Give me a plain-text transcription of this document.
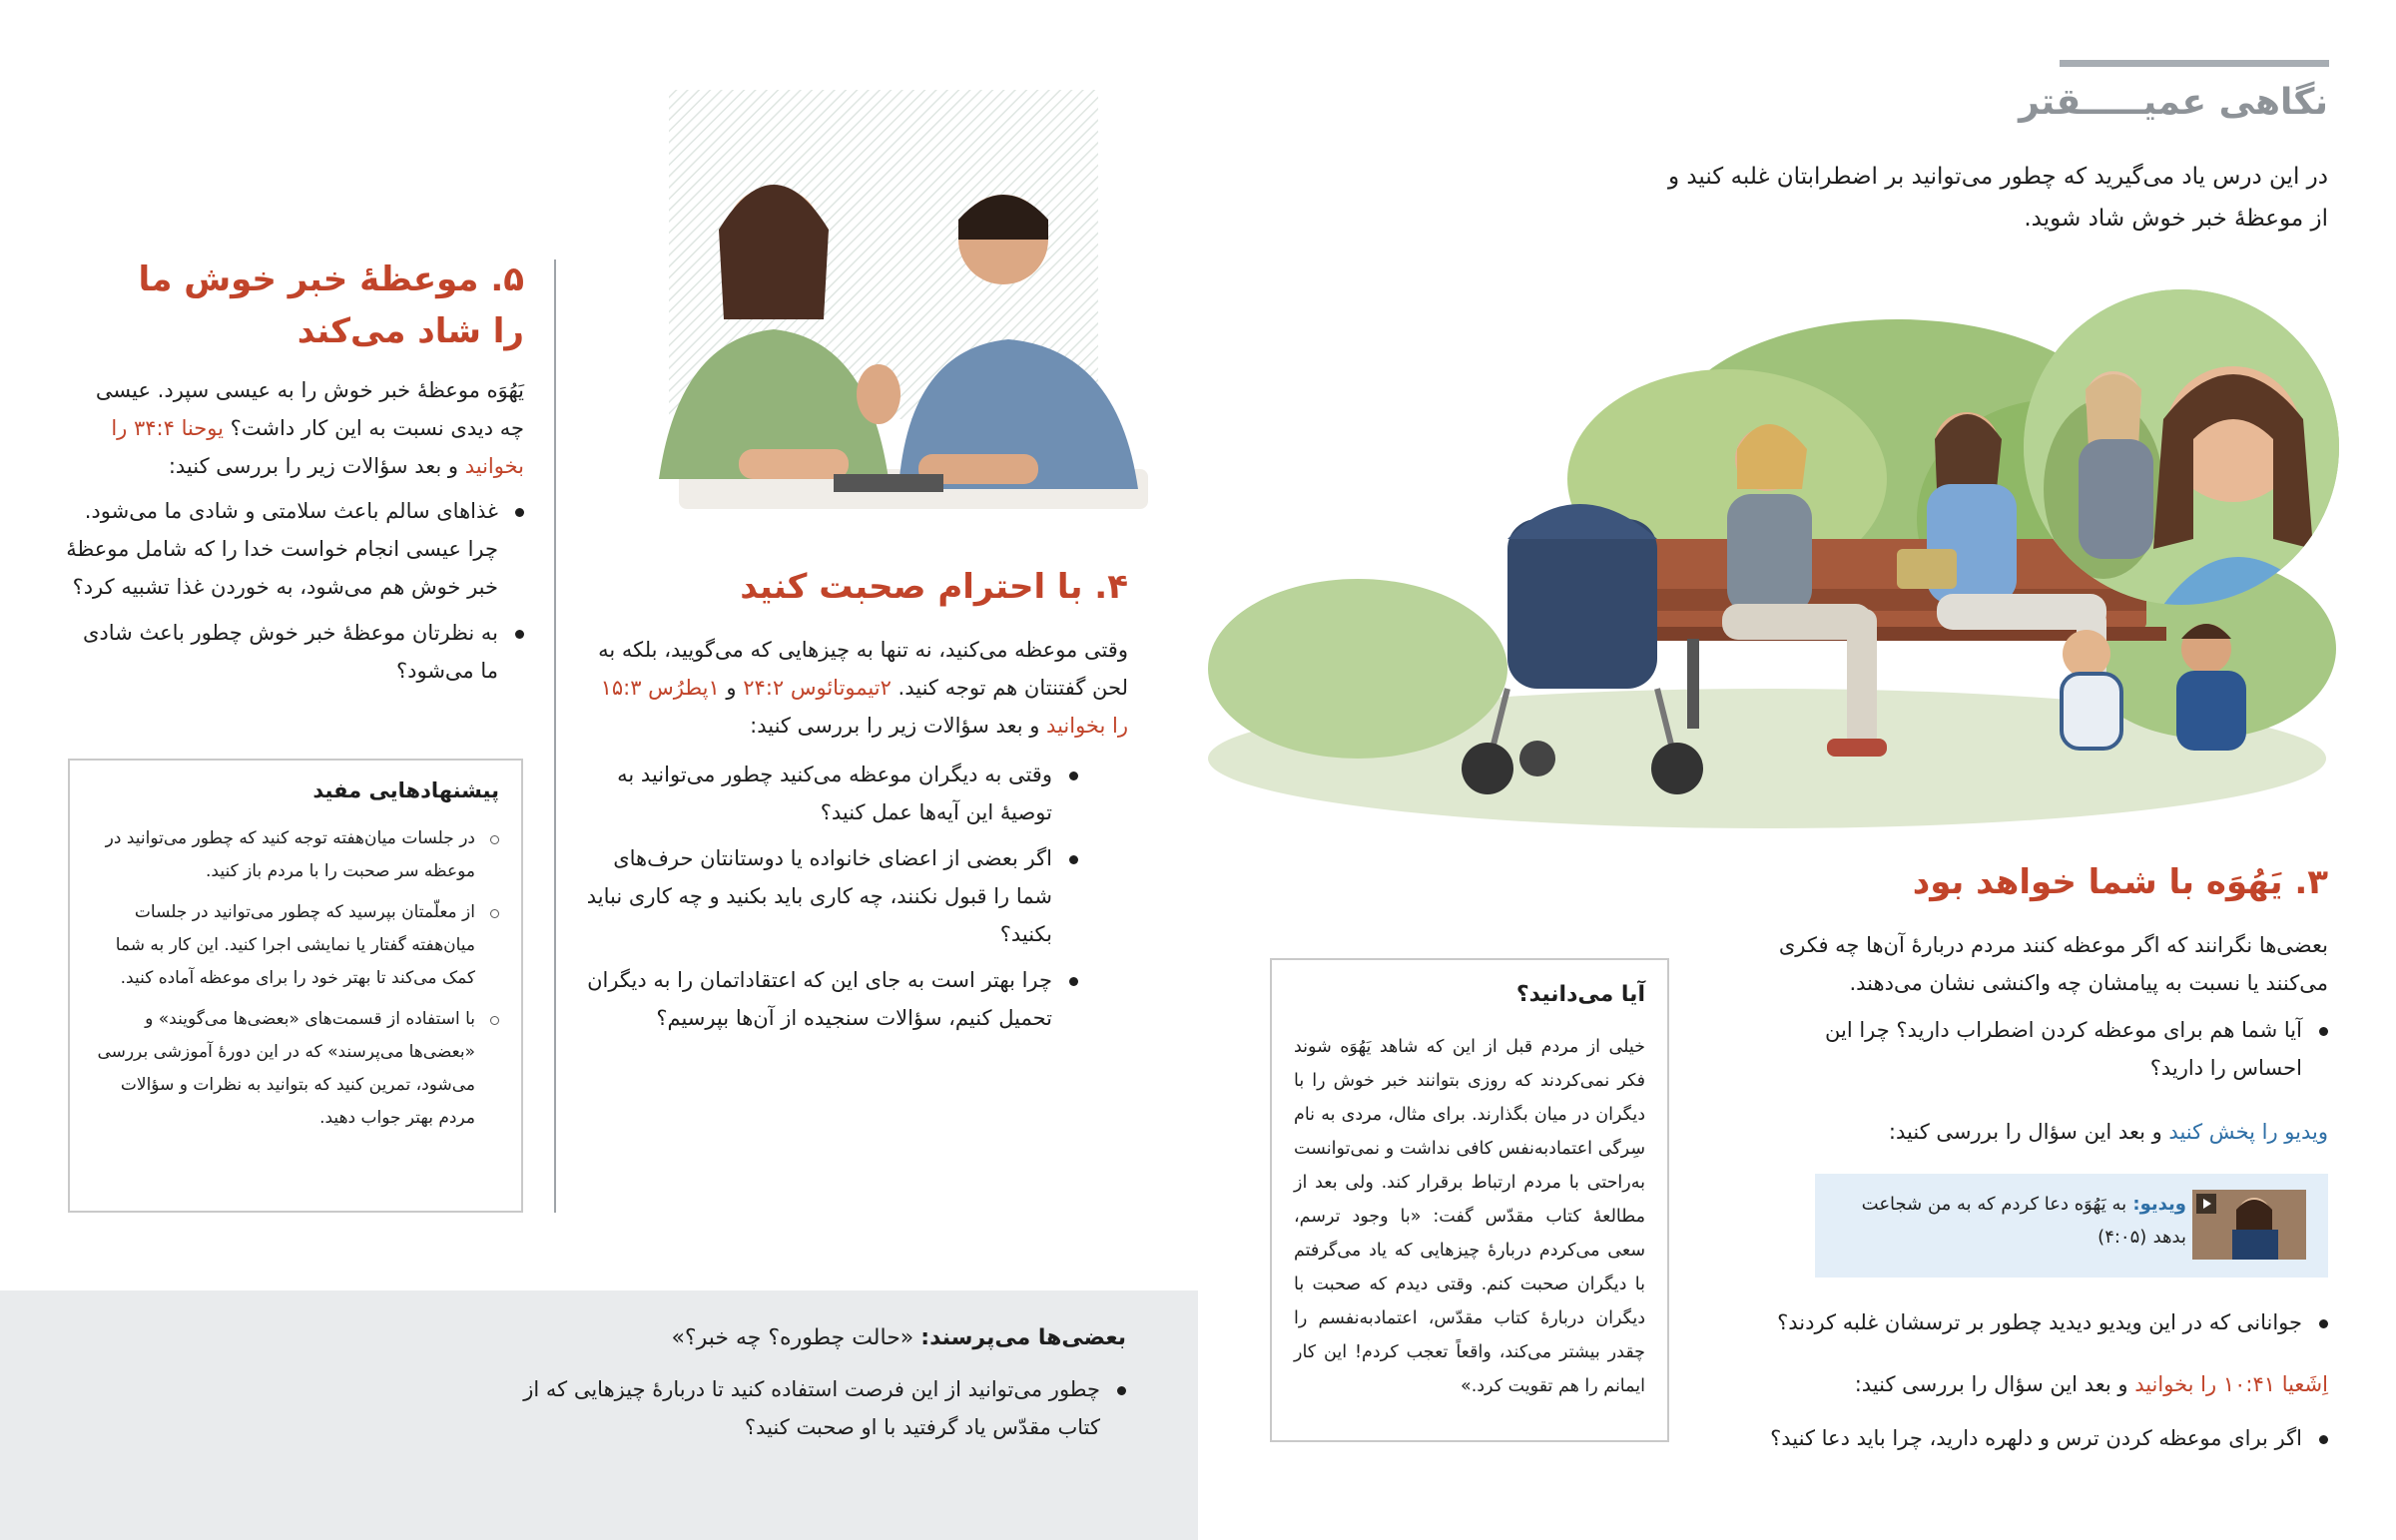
نگاهی عمیـــــقتر
در این درس یاد می‌گیرید که چطور می‌توانید بر اضطرابتان غلبه کنید و از موعظهٔ خبر خوش شاد شوید.
۳. یَهُوَه با شما خواهد بود
بعضی‌ها نگرانند که اگر موعظه کنند مردم دربارهٔ آن‌ها چه فکری می‌کنند یا نسبت به پیامشان چه واکنشی نشان می‌دهند.
آیا شما هم برای موعظه کردن اضطراب دارید؟ چرا این احساس را دارید؟
ویدیو را پخش کنید و بعد این سؤال را بررسی کنید:
ویدیو: به یَهُوَه دعا کردم که به من شجاعت بدهد (۴:۰۵)
جوانانی که در این ویدیو دیدید چطور بر ترسشان غلبه کردند؟
اِشَعیا ۴۱:‏۱۰ را بخوانید و بعد این سؤال را بررسی کنید:
اگر برای موعظه کردن ترس و دلهره دارید، چرا باید دعا کنید؟
آیا می‌دانید؟
خیلی از مردم قبل از این که شاهد یَهُوَه شوند فکر نمی‌کردند که روزی بتوانند خبر خوش را با دیگران در میان بگذارند. برای مثال، مردی به نام سِرگی اعتمادبه‌نفس کافی نداشت و نمی‌توانست به‌راحتی با مردم ارتباط برقرار کند. ولی بعد از مطالعهٔ کتاب مقدّس گفت: «با وجود ترسم، سعی می‌کردم دربارهٔ چیزهایی که یاد می‌گرفتم با دیگران صحبت کنم. وقتی دیدم که صحبت با دیگران دربارهٔ کتاب مقدّس، اعتمادبه‌نفسم را چقدر بیشتر می‌کند، واقعاً تعجب کردم! این کار ایمانم را هم تقویت کرد.»
۴. با احترام صحبت کنید
وقتی موعظه می‌کنید، نه تنها به چیزهایی که می‌گویید، بلکه به لحن گفتنتان هم توجه کنید. ۲تیموتائوس ۲:‏۲۴ و ۱پطرُس ۳:‏۱۵ را بخوانید و بعد سؤالات زیر را بررسی کنید:
وقتی به دیگران موعظه می‌کنید چطور می‌توانید به توصیهٔ این آیه‌ها عمل کنید؟
اگر بعضی از اعضای خانواده یا دوستانتان حرف‌های شما را قبول نکنند، چه کاری باید بکنید و چه کاری نباید بکنید؟
چرا بهتر است به جای این که اعتقاداتمان را به دیگران تحمیل کنیم، سؤالات سنجیده از آن‌ها بپرسیم؟
۵. موعظهٔ خبر خوش ما را شاد می‌کند
یَهُوَه موعظهٔ خبر خوش را به عیسی سپرد. عیسی چه دیدی نسبت به این کار داشت؟ یوحنا ۴:‏۳۴ را بخوانید و بعد سؤالات زیر را بررسی کنید:
غذاهای سالم باعث سلامتی و شادی ما می‌شود. چرا عیسی انجام خواست خدا را که شامل موعظهٔ خبر خوش هم می‌شود، به خوردن غذا تشبیه کرد؟
به نظرتان موعظهٔ خبر خوش چطور باعث شادی ما می‌شود؟
پیشنهادهایی مفید
در جلسات میان‌هفته توجه کنید که چطور می‌توانید در موعظه سر صحبت را با مردم باز کنید.
از معلّمتان بپرسید که چطور می‌توانید در جلسات میان‌هفته گفتار یا نمایشی اجرا کنید. این کار به شما کمک می‌کند تا بهتر خود را برای موعظه آماده کنید.
با استفاده از قسمت‌های «بعضی‌ها می‌گویند» و «بعضی‌ها می‌پرسند» که در این دورهٔ آموزشی بررسی می‌شود، تمرین کنید که بتوانید به نظرات و سؤالات مردم بهتر جواب دهید.
بعضی‌ها می‌پرسند: «حالت چطوره؟ چه خبر؟»
چطور می‌توانید از این فرصت استفاده کنید تا دربارهٔ چیزهایی که از کتاب مقدّس یاد گرفتید با او صحبت کنید؟
